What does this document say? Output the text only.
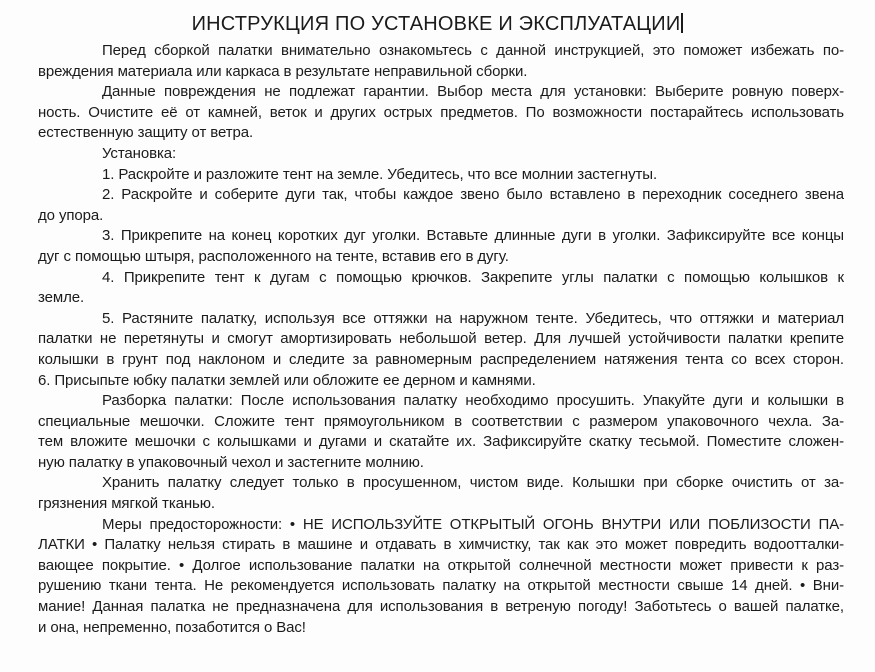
ИНСТРУКЦИЯ ПО УСТАНОВКЕ И ЭКСПЛУАТАЦИИ
Перед сборкой палатки внимательно ознакомьтесь с данной инструкцией, это поможет избежать по-
вреждения материала или каркаса в результате неправильной сборки.
Данные повреждения не подлежат гарантии. Выбор места для установки: Выберите ровную поверх-
ность. Очистите её от камней, веток и других острых предметов. По возможности постарайтесь использовать
естественную защиту от ветра.
Установка:
1. Раскройте и разложите тент на земле. Убедитесь, что все молнии застегнуты.
2. Раскройте и соберите дуги так, чтобы каждое звено было вставлено в переходник соседнего звена
до упора.
3. Прикрепите на конец коротких дуг уголки. Вставьте длинные дуги в уголки. Зафиксируйте все концы
дуг с помощью штыря, расположенного на тенте, вставив его в дугу.
4. Прикрепите тент к дугам с помощью крючков. Закрепите углы палатки с помощью колышков к
земле.
5. Растяните палатку, используя все оттяжки на наружном тенте. Убедитесь, что оттяжки и материал
палатки не перетянуты и смогут амортизировать небольшой ветер. Для лучшей устойчивости палатки крепите
колышки в грунт под наклоном и следите за равномерным распределением натяжения тента со всех сторон.
6. Присыпьте юбку палатки землей или обложите ее дерном и камнями.
Разборка палатки: После использования палатку необходимо просушить. Упакуйте дуги и колышки в
специальные мешочки. Сложите тент прямоугольником в соответствии с размером упаковочного чехла. За-
тем вложите мешочки с колышками и дугами и скатайте их. Зафиксируйте скатку тесьмой. Поместите сложен-
ную палатку в упаковочный чехол и застегните молнию.
Хранить палатку следует только в просушенном, чистом виде. Колышки при сборке очистить от за-
грязнения мягкой тканью.
Меры предосторожности: • НЕ ИСПОЛЬЗУЙТЕ ОТКРЫТЫЙ ОГОНЬ ВНУТРИ ИЛИ ПОБЛИЗОСТИ ПА-
ЛАТКИ • Палатку нельзя стирать в машине и отдавать в химчистку, так как это может повредить водоотталки-
вающее покрытие. • Долгое использование палатки на открытой солнечной местности может привести к раз-
рушению ткани тента. Не рекомендуется использовать палатку на открытой местности свыше 14 дней. • Вни-
мание! Данная палатка не предназначена для использования в ветреную погоду! Заботьтесь о вашей палатке,
и она, непременно, позаботится о Вас!
